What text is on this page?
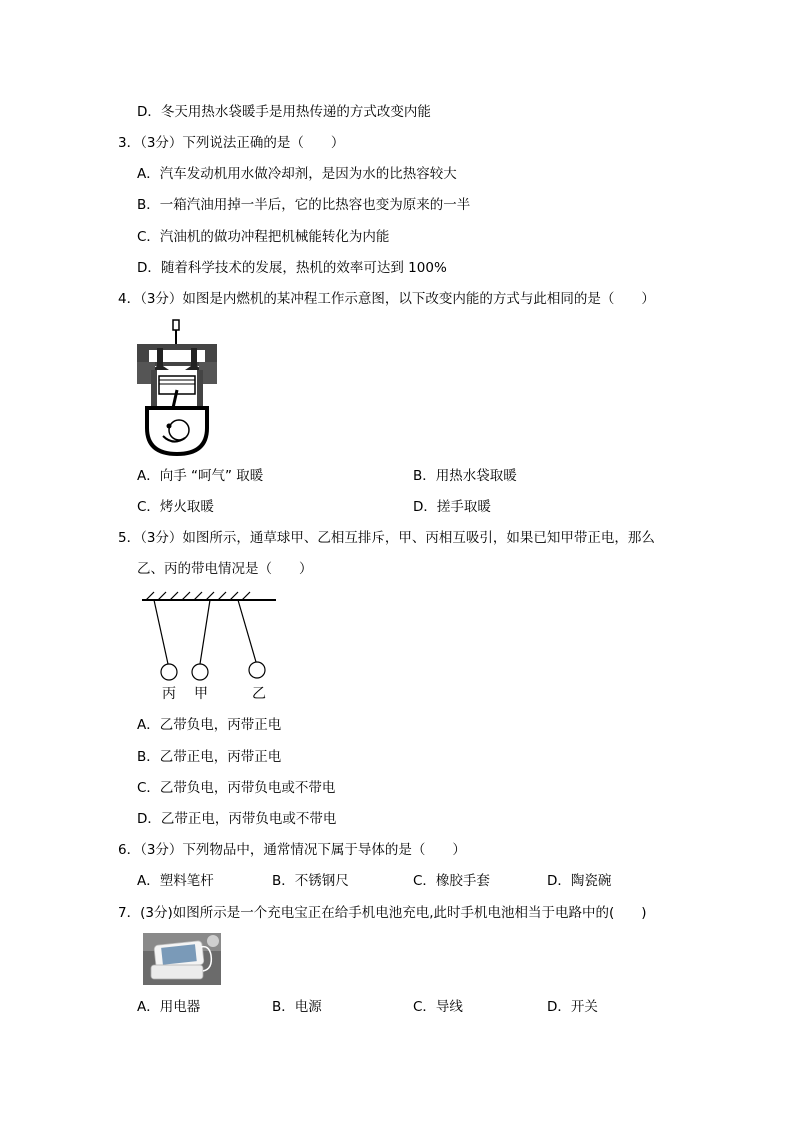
D．冬天用热水袋暖手是用热传递的方式改变内能
3．（3分）下列说法正确的是（　　）
A．汽车发动机用水做冷却剂，是因为水的比热容较大
B．一箱汽油用掉一半后，它的比热容也变为原来的一半
C．汽油机的做功冲程把机械能转化为内能
D．随着科学技术的发展，热机的效率可达到 100%
4．（3分）如图是内燃机的某冲程工作示意图，以下改变内能的方式与此相同的是（　　）
A．向手 “呵气” 取暖	B．用热水袋取暖
C．烤火取暖	D．搓手取暖
5．（3分）如图所示，通草球甲、乙相互排斥，甲、丙相互吸引，如果已知甲带正电，那么
乙、丙的带电情况是（　　）
丙 甲	乙
A．乙带负电，丙带正电
B．乙带正电，丙带正电
C．乙带负电，丙带负电或不带电
D．乙带正电，丙带负电或不带电
6．（3分）下列物品中，通常情况下属于导体的是（　　）
A．塑料笔杆	B．不锈钢尺	C．橡胶手套	D．陶瓷碗
7．(3分)如图所示是一个充电宝正在给手机电池充电,此时手机电池相当于电路中的(　　)
A．用电器	B．电源	C．导线	D．开关
